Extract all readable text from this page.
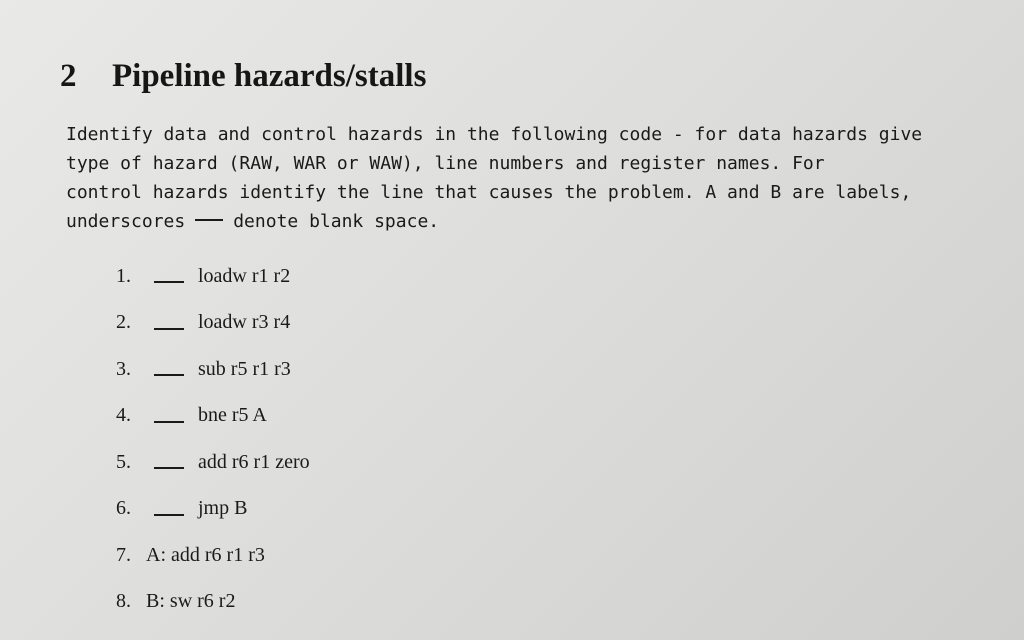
2	Pipeline hazards/stalls
Identify data and control hazards in the following code - for data hazards give
type of hazard (RAW, WAR or WAW), line numbers and register names. For
control hazards identify the line that causes the problem. A and B are labels,
underscores	denote blank space.
1.	loadw r1 r2
2.	loadw r3 r4
3.	sub r5 r1 r3
4.	bne r5 A
5.	add r6 r1 zero
6.	jmp B
7. A: add r6 r1 r3
8. B: sw r6 r2
